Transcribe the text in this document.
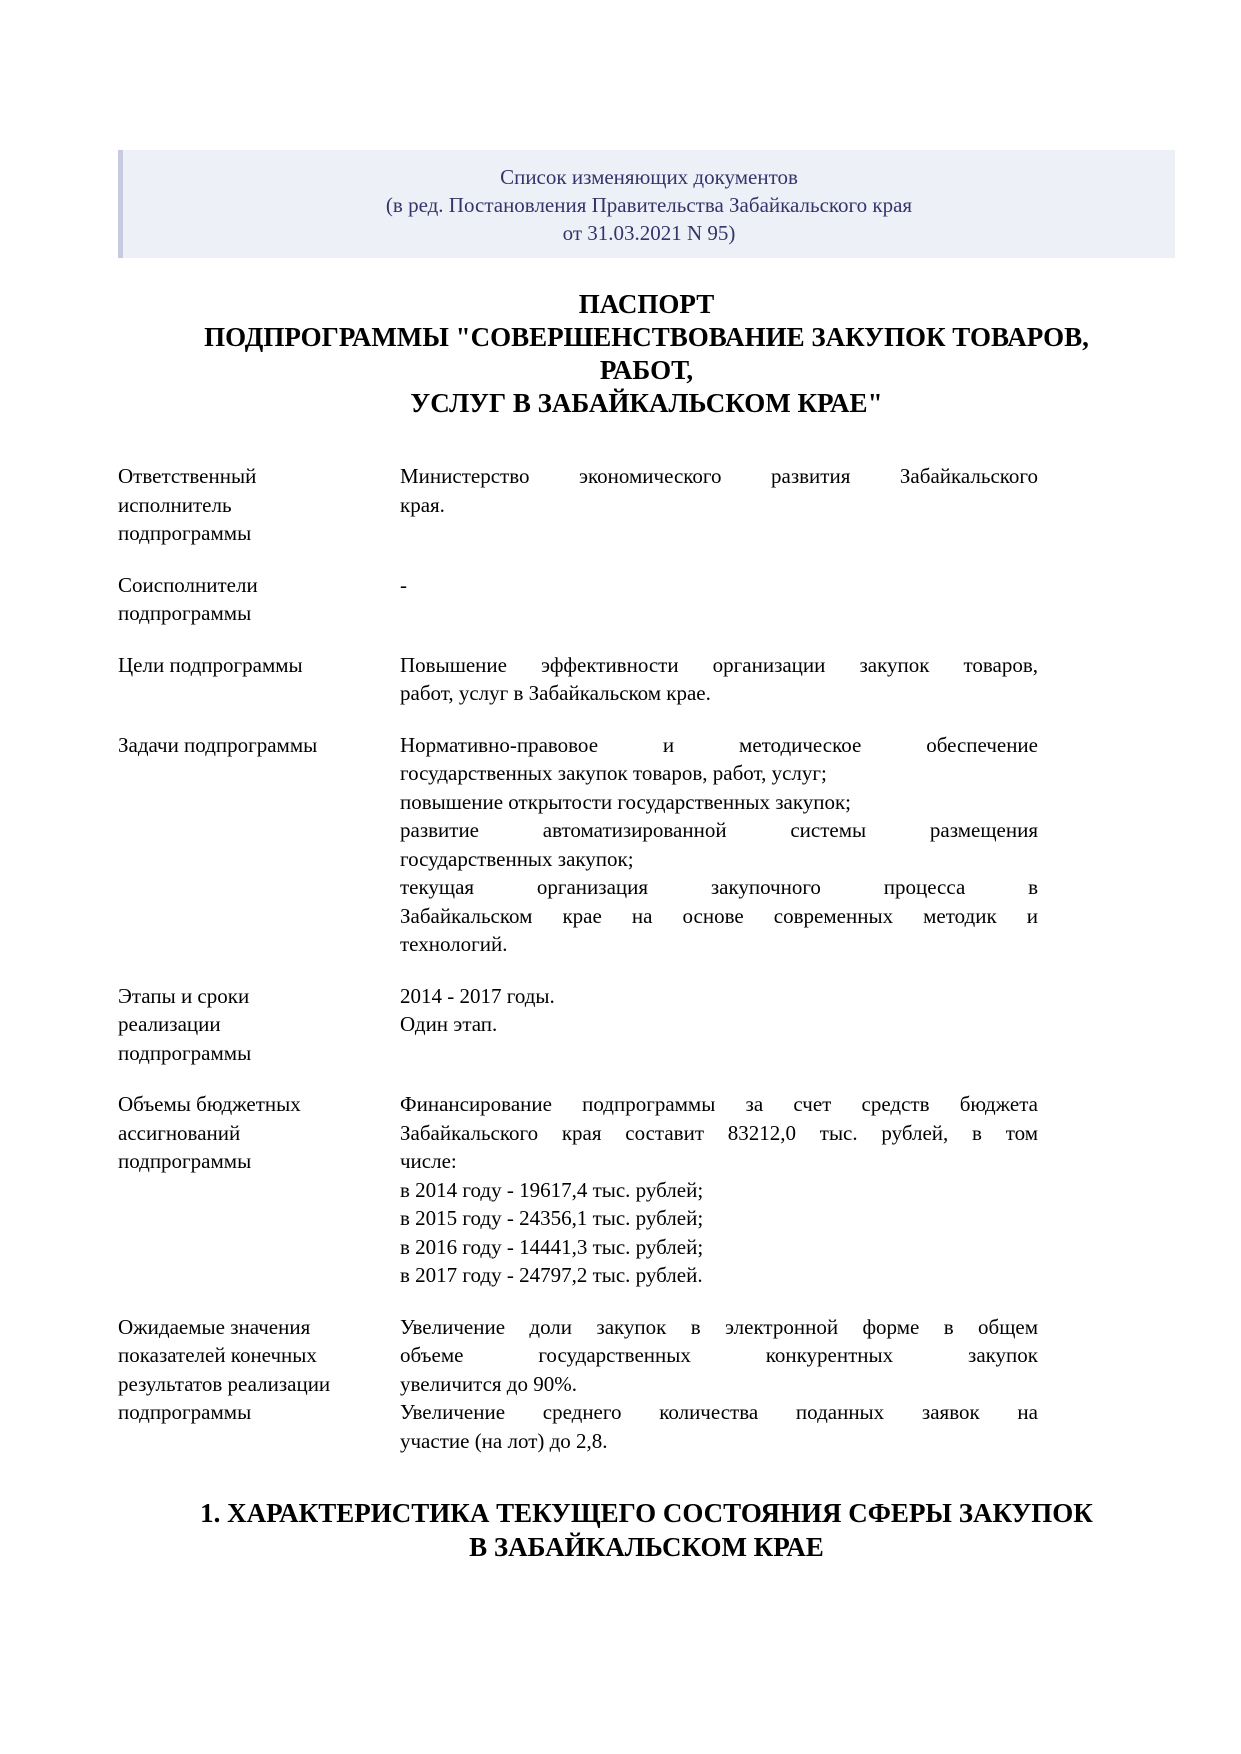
Список изменяющих документов
(в ред. Постановления Правительства Забайкальского края
от 31.03.2021 N 95)
ПАСПОРТ
ПОДПРОГРАММЫ "СОВЕРШЕНСТВОВАНИЕ ЗАКУПОК ТОВАРОВ,
РАБОТ,
УСЛУГ В ЗАБАЙКАЛЬСКОМ КРАЕ"
Ответственный
исполнитель
подпрограммы
Министерство экономического развития Забайкальского
края.
Соисполнители
подпрограммы
-
Цели подпрограммы	Повышение эффективности организации закупок товаров,
работ, услуг в Забайкальском крае.
Задачи подпрограммы	Нормативно-правовое и методическое обеспечение
государственных закупок товаров, работ, услуг;
повышение открытости государственных закупок;
развитие автоматизированной системы размещения
государственных закупок;
текущая организация закупочного процесса в
Забайкальском крае на основе современных методик и
технологий.
Этапы и сроки
реализации
подпрограммы
2014 - 2017 годы.
Один этап.
Объемы бюджетных
ассигнований
подпрограммы
Финансирование подпрограммы за счет средств бюджета
Забайкальского края составит 83212,0 тыс. рублей, в том
числе:
в 2014 году - 19617,4 тыс. рублей;
в 2015 году - 24356,1 тыс. рублей;
в 2016 году - 14441,3 тыс. рублей;
в 2017 году - 24797,2 тыс. рублей.
Ожидаемые значения
показателей конечных
результатов реализации
подпрограммы
Увеличение доли закупок в электронной форме в общем
объеме государственных конкурентных закупок
увеличится до 90%.
Увеличение среднего количества поданных заявок на
участие (на лот) до 2,8.
1. ХАРАКТЕРИСТИКА ТЕКУЩЕГО СОСТОЯНИЯ СФЕРЫ ЗАКУПОК
В ЗАБАЙКАЛЬСКОМ КРАЕ
